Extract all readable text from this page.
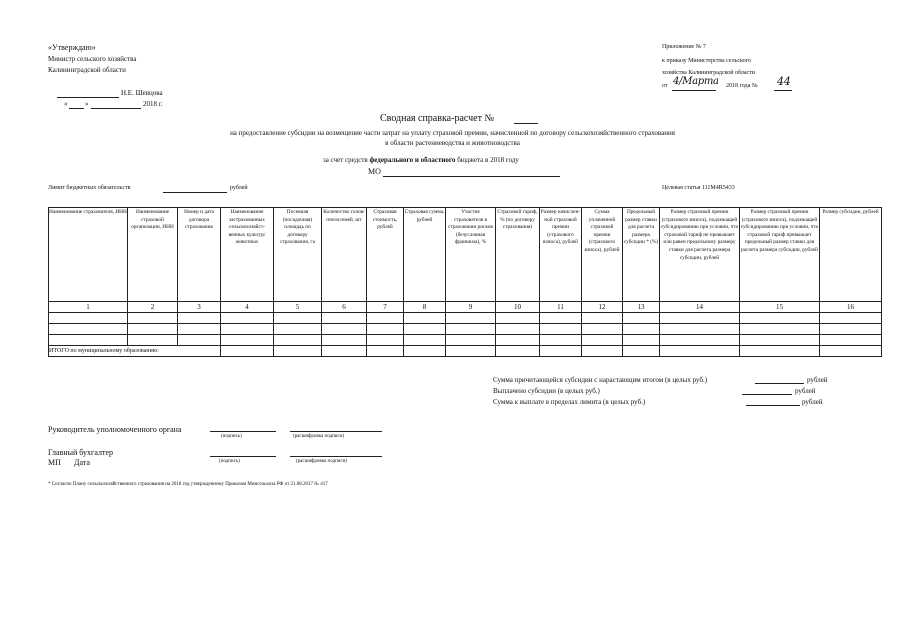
«Утверждаю»
Министр сельского хозяйства
Калининградской области
Н.Е. Шевцова
«	»	2018 г.
Приложение № 7
к приказу Министерства сельского
хозяйства Калининградской области
от 4/Марта 2018 года № 44
Сводная справка-расчет №
на предоставление субсидии на возмещение части затрат на уплату страховой премии, начисленной по договору сельскохозяйственного страхования
в области растениеводства и животноводства
за счет средств федерального и областного бюджета в 2018 году
МО
Лимит бюджетных обязательств	рублей	Целевая статья 111М4R5433
Наименование страхователя, ИНН	Наименование страховой организации, ИНН	Номер и дата договора страхования	Наименование застрахованных сельскохозяйст- венных культур/ животных	Посевная (посадочная) площадь по договору страхования, га	Количество голов/ пчелосемей, шт	Страховая стоимость, рублей	Страховая сумма, рублей	Участие страхователя в страховании рисков (безусловная франшиза), %	Страховой тариф, % (по договору страхования)	Размер начислен- ной страховой премии (страхового взноса), рублей	Сумма уплаченной страховой премии (страхового взноса), рублей	Предельный размер ставки для расчета размера субсидии * (%)	Размер страховой премии (страхового взноса), подлежащей субсидированию при условии, что страховой тариф не превышает или равен предельному размеру ставки для расчета размера субсидии, рублей	Размер страховой премии (страхового взноса), подлежащей субсидированию при условии, что страховой тариф превышает предельный размер ставки для расчета размера субсидии, рублей	Размер субсидии, рублей
1	2	3	4	5	6	7	8	9	10	11	12	13	14	15	16

ИТОГО по муниципальному образованию:															
Сумма причитающейся субсидии с нарастающим итогом (в целых руб.)	рублей
Выплачено субсидии (в целых руб.)	рублей
Сумма к выплате в пределах лимита (в целых руб.)	рублей
Руководитель уполномоченного органа
(подпись)	(расшифровка подписи)
Главный бухгалтер
МП Дата	(подпись)	(расшифровка подписи)
* Согласно Плану сельскохозяйственного страхования на 2018 год утвержденному Приказом Минсельхоза РФ от 21.08.2017 № 417
